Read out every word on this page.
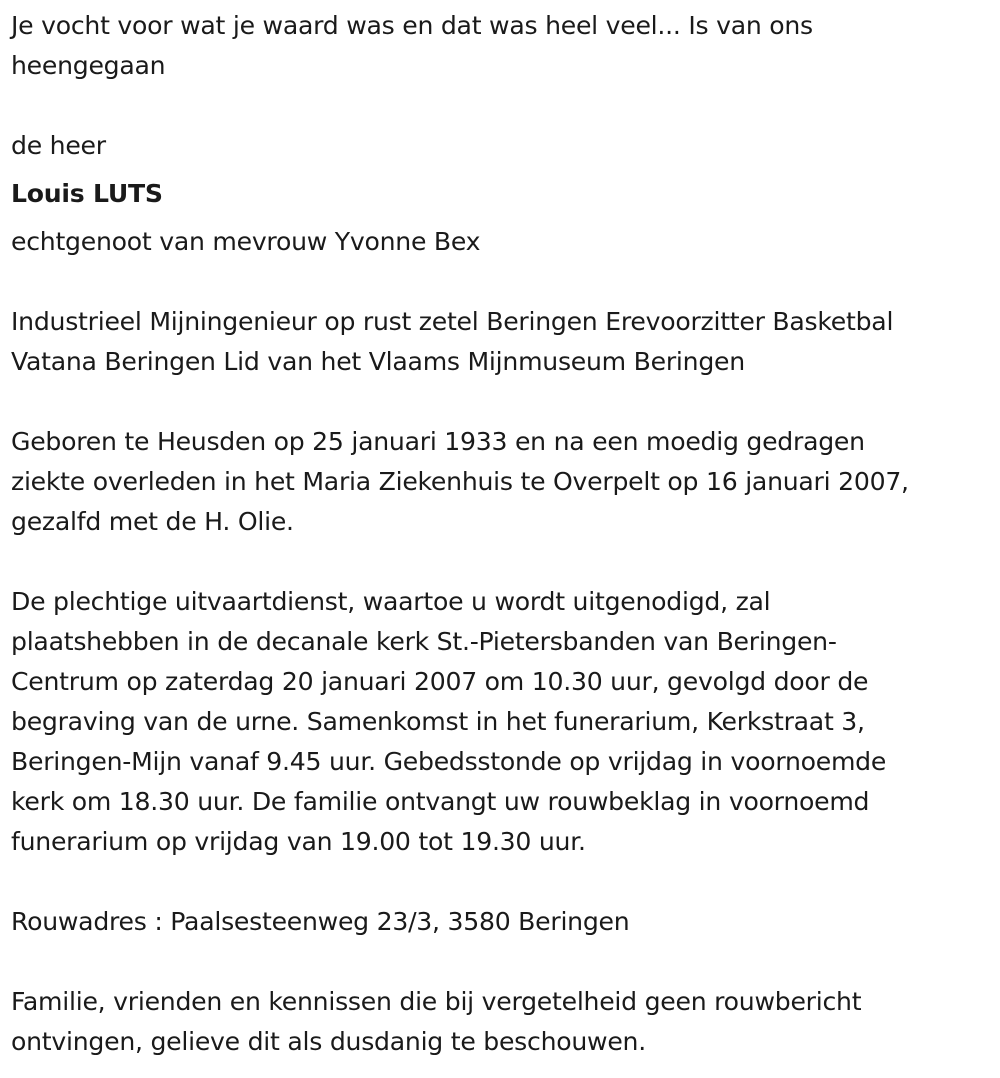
Je vocht voor wat je waard was en dat was heel veel... Is van ons
heengegaan

de heer

Louis LUTS

echtgenoot van mevrouw Yvonne Bex

Industrieel Mijningenieur op rust zetel Beringen Erevoorzitter Basketbal
Vatana Beringen Lid van het Vlaams Mijnmuseum Beringen

Geboren te Heusden op 25 januari 1933 en na een moedig gedragen
ziekte overleden in het Maria Ziekenhuis te Overpelt op 16 januari 2007,
gezalfd met de H. Olie.

De plechtige uitvaartdienst, waartoe u wordt uitgenodigd, zal
plaatshebben in de decanale kerk St.-Pietersbanden van Beringen-
Centrum op zaterdag 20 januari 2007 om 10.30 uur, gevolgd door de
begraving van de urne. Samenkomst in het funerarium, Kerkstraat 3,
Beringen-Mijn vanaf 9.45 uur. Gebedsstonde op vrijdag in voornoemde
kerk om 18.30 uur. De familie ontvangt uw rouwbeklag in voornoemd
funerarium op vrijdag van 19.00 tot 19.30 uur.

Rouwadres : Paalsesteenweg 23/3, 3580 Beringen

Familie, vrienden en kennissen die bij vergetelheid geen rouwbericht
ontvingen, gelieve dit als dusdanig te beschouwen.
